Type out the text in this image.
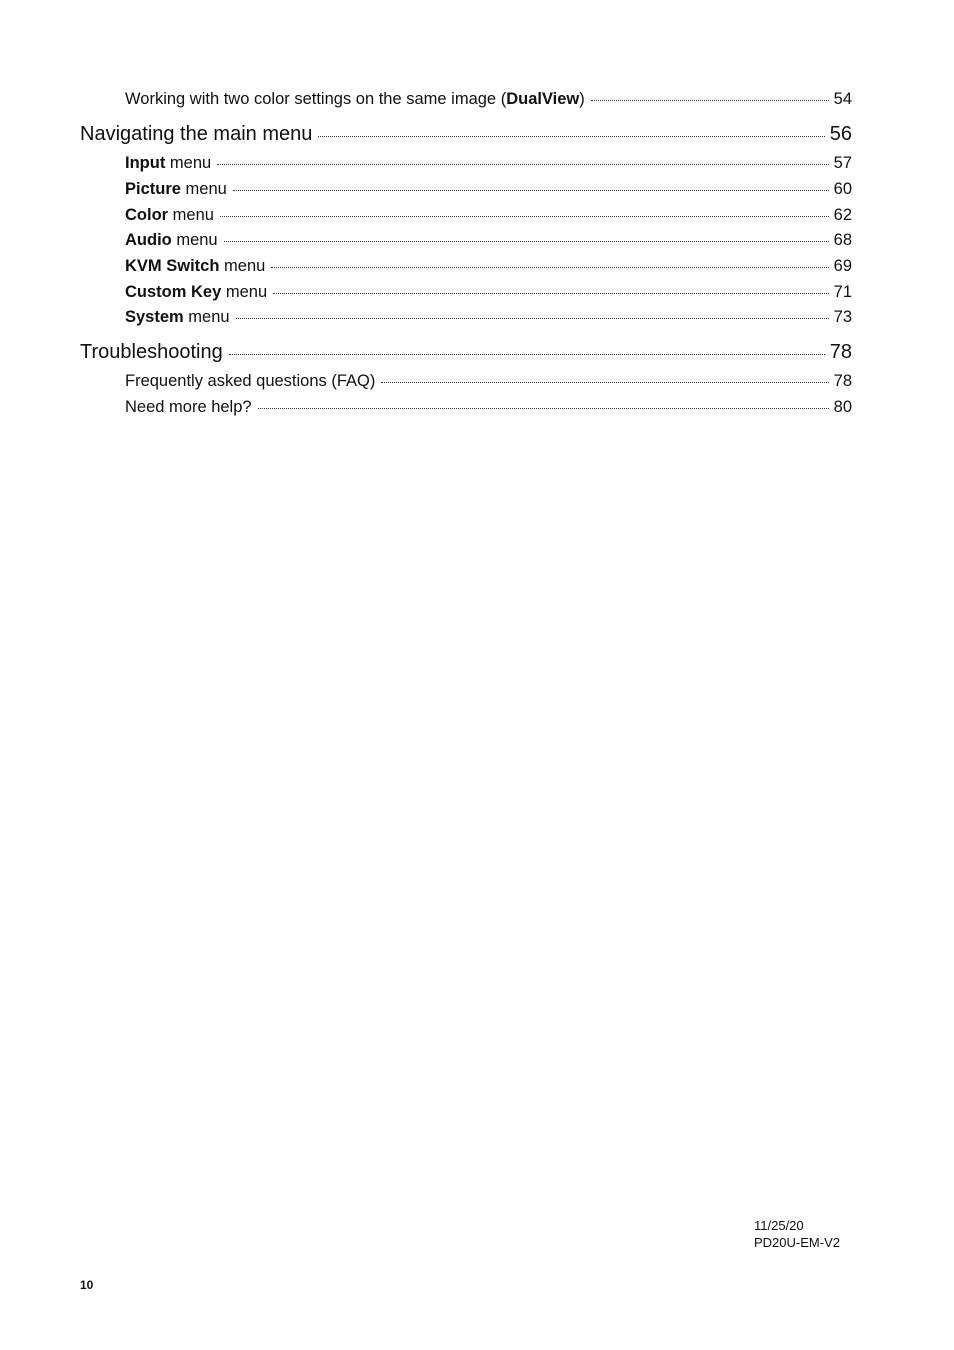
Working with two color settings on the same image (DualView)	54
Navigating the main menu	56
Input menu	57
Picture menu	60
Color menu	62
Audio menu	68
KVM Switch menu	69
Custom Key menu	71
System menu	73
Troubleshooting	78
Frequently asked questions (FAQ)	78
Need more help?	80
11/25/20
PD20U-EM-V2
10
